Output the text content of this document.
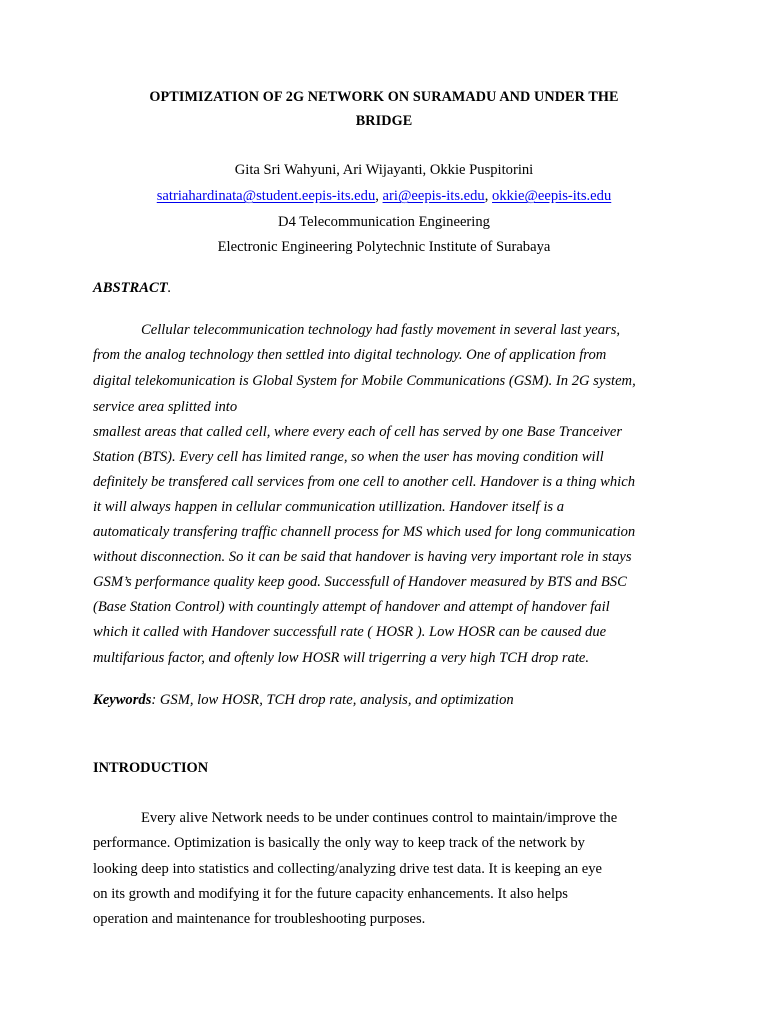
OPTIMIZATION OF 2G NETWORK ON SURAMADU AND UNDER THE
BRIDGE
Gita Sri Wahyuni, Ari Wijayanti, Okkie Puspitorini
satriahardinata@student.eepis-its.edu, ari@eepis-its.edu, okkie@eepis-its.edu
D4 Telecommunication Engineering
Electronic Engineering Polytechnic Institute of Surabaya
ABSTRACT.
Cellular telecommunication technology had fastly movement in several last years,
from the analog technology then settled into digital technology. One of application from
digital telekomunication is Global System for Mobile Communications (GSM). In 2G system,
service area splitted into
smallest areas that called cell, where every each of cell has served by one Base Tranceiver
Station (BTS). Every cell has limited range, so when the user has moving condition will
definitely be transfered call services from one cell to another cell. Handover is a thing which
it will always happen in cellular communication utillization. Handover itself is a
automaticaly transfering traffic channell process for MS which used for long communication
without disconnection. So it can be said that handover is having very important role in stays
GSM’s performance quality keep good. Successfull of Handover measured by BTS and BSC
(Base Station Control) with countingly attempt of handover and attempt of handover fail
which it called with Handover successfull rate ( HOSR ). Low HOSR can be caused due
multifarious factor, and oftenly low HOSR will trigerring a very high TCH drop rate.
Keywords: GSM, low HOSR, TCH drop rate, analysis, and optimization
INTRODUCTION
Every alive Network needs to be under continues control to maintain/improve the
performance. Optimization is basically the only way to keep track of the network by
looking deep into statistics and collecting/analyzing drive test data. It is keeping an eye
on its growth and modifying it for the future capacity enhancements. It also helps
operation and maintenance for troubleshooting purposes.
